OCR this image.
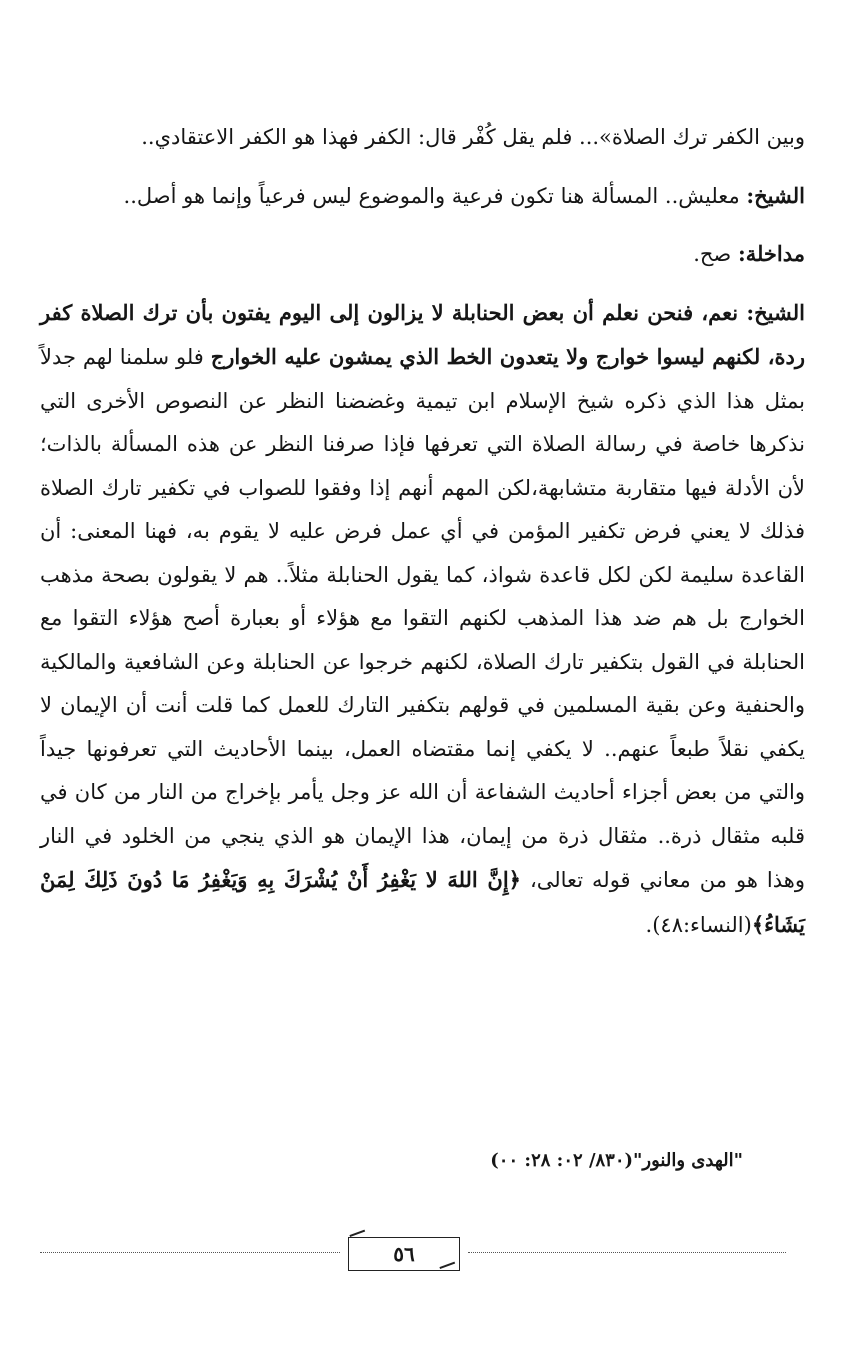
وبين الكفر ترك الصلاة»... فلم يقل كُفْر قال: الكفر فهذا هو الكفر الاعتقادي..

الشيخ: معليش.. المسألة هنا تكون فرعية والموضوع ليس فرعياً وإنما هو أصل..

مداخلة: صح.

الشيخ: نعم، فنحن نعلم أن بعض الحنابلة لا يزالون إلى اليوم يفتون بأن ترك الصلاة كفر ردة، لكنهم ليسوا خوارج ولا يتعدون الخط الذي يمشون عليه الخوارج فلو سلمنا لهم جدلاً بمثل هذا الذي ذكره شيخ الإسلام ابن تيمية وغضضنا النظر عن النصوص الأخرى التي نذكرها خاصة في رسالة الصلاة التي تعرفها فإذا صرفنا النظر عن هذه المسألة بالذات؛ لأن الأدلة فيها متقاربة متشابهة،لكن المهم أنهم إذا وفقوا للصواب في تكفير تارك الصلاة فذلك لا يعني فرض تكفير المؤمن في أي عمل فرض عليه لا يقوم به، فهنا المعنى: أن القاعدة سليمة لكن لكل قاعدة شواذ، كما يقول الحنابلة مثلاً.. هم لا يقولون بصحة مذهب الخوارج بل هم ضد هذا المذهب لكنهم التقوا مع هؤلاء أو بعبارة أصح هؤلاء التقوا مع الحنابلة في القول بتكفير تارك الصلاة، لكنهم خرجوا عن الحنابلة وعن الشافعية والمالكية والحنفية وعن بقية المسلمين في قولهم بتكفير التارك للعمل كما قلت أنت أن الإيمان لا يكفي نقلاً طبعاً عنهم.. لا يكفي إنما مقتضاه العمل، بينما الأحاديث التي تعرفونها جيداً والتي من بعض أجزاء أحاديث الشفاعة أن الله عز وجل يأمر بإخراج من النار من كان في قلبه مثقال ذرة.. مثقال ذرة من إيمان، هذا الإيمان هو الذي ينجي من الخلود في النار وهذا هو من معاني قوله تعالى، ﴿إِنَّ اللهَ لا يَغْفِرُ أَنْ يُشْرَكَ بِهِ وَيَغْفِرُ مَا دُونَ ذَلِكَ لِمَنْ يَشَاءُ﴾(النساء:٤٨).

"الهدى والنور"(٨٣٠/ ٠٢: ٢٨: ٠٠)
٥٦
